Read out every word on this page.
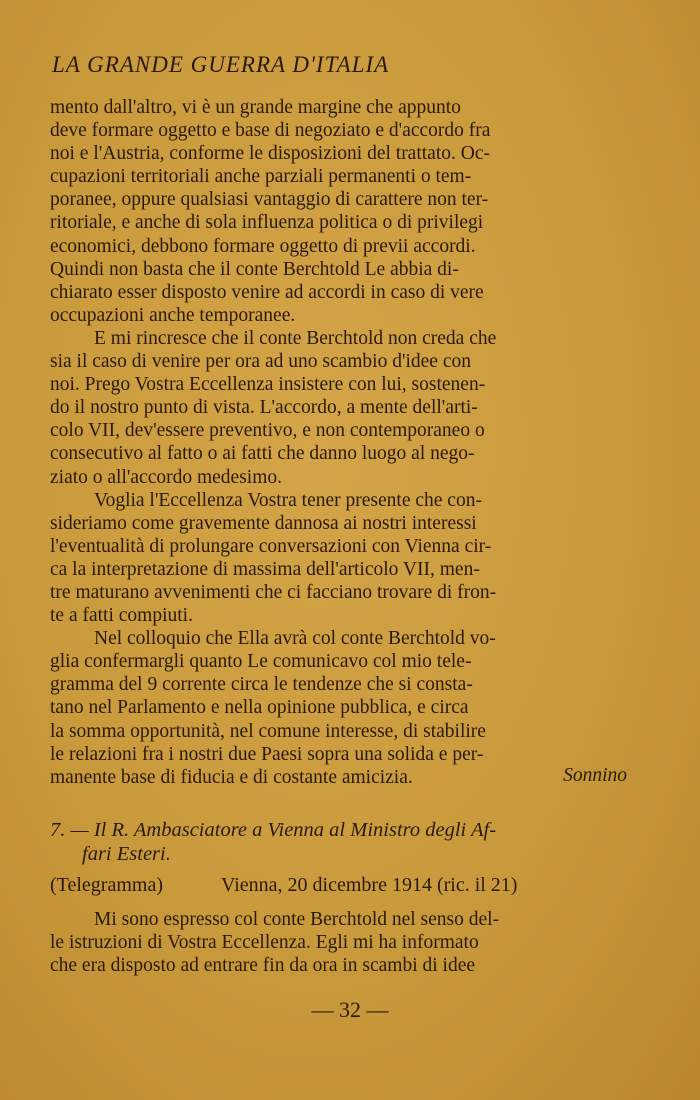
LA GRANDE GUERRA D'ITALIA

mento dall'altro, vi è un grande margine che appunto
deve formare oggetto e base di negoziato e d'accordo fra
noi e l'Austria, conforme le disposizioni del trattato. Oc-
cupazioni territoriali anche parziali permanenti o tem-
poranee, oppure qualsiasi vantaggio di carattere non ter-
ritoriale, e anche di sola influenza politica o di privilegi
economici, debbono formare oggetto di previi accordi.
Quindi non basta che il conte Berchtold Le abbia di-
chiarato esser disposto venire ad accordi in caso di vere
occupazioni anche temporanee.

E mi rincresce che il conte Berchtold non creda che
sia il caso di venire per ora ad uno scambio d'idee con
noi. Prego Vostra Eccellenza insistere con lui, sostenen-
do il nostro punto di vista. L'accordo, a mente dell'arti-
colo VII, dev'essere preventivo, e non contemporaneo o
consecutivo al fatto o ai fatti che danno luogo al nego-
ziato o all'accordo medesimo.

Voglia l'Eccellenza Vostra tener presente che con-
sideriamo come gravemente dannosa ai nostri interessi
l'eventualità di prolungare conversazioni con Vienna cir-
ca la interpretazione di massima dell'articolo VII, men-
tre maturano avvenimenti che ci facciano trovare di fron-
te a fatti compiuti.

Nel colloquio che Ella avrà col conte Berchtold vo-
glia confermargli quanto Le comunicavo col mio tele-
gramma del 9 corrente circa le tendenze che si consta-
tano nel Parlamento e nella opinione pubblica, e circa
la somma opportunità, nel comune interesse, di stabilire
le relazioni fra i nostri due Paesi sopra una solida e per-
manente base di fiducia e di costante amicizia.	Sonnino
7. — Il R. Ambasciatore a Vienna al Ministro degli Af-
fari Esteri.
(Telegramma)	Vienna, 20 dicembre 1914 (ric. il 21)

Mi sono espresso col conte Berchtold nel senso del-
le istruzioni di Vostra Eccellenza. Egli mi ha informato
che era disposto ad entrare fin da ora in scambi di idee

— 32 —
